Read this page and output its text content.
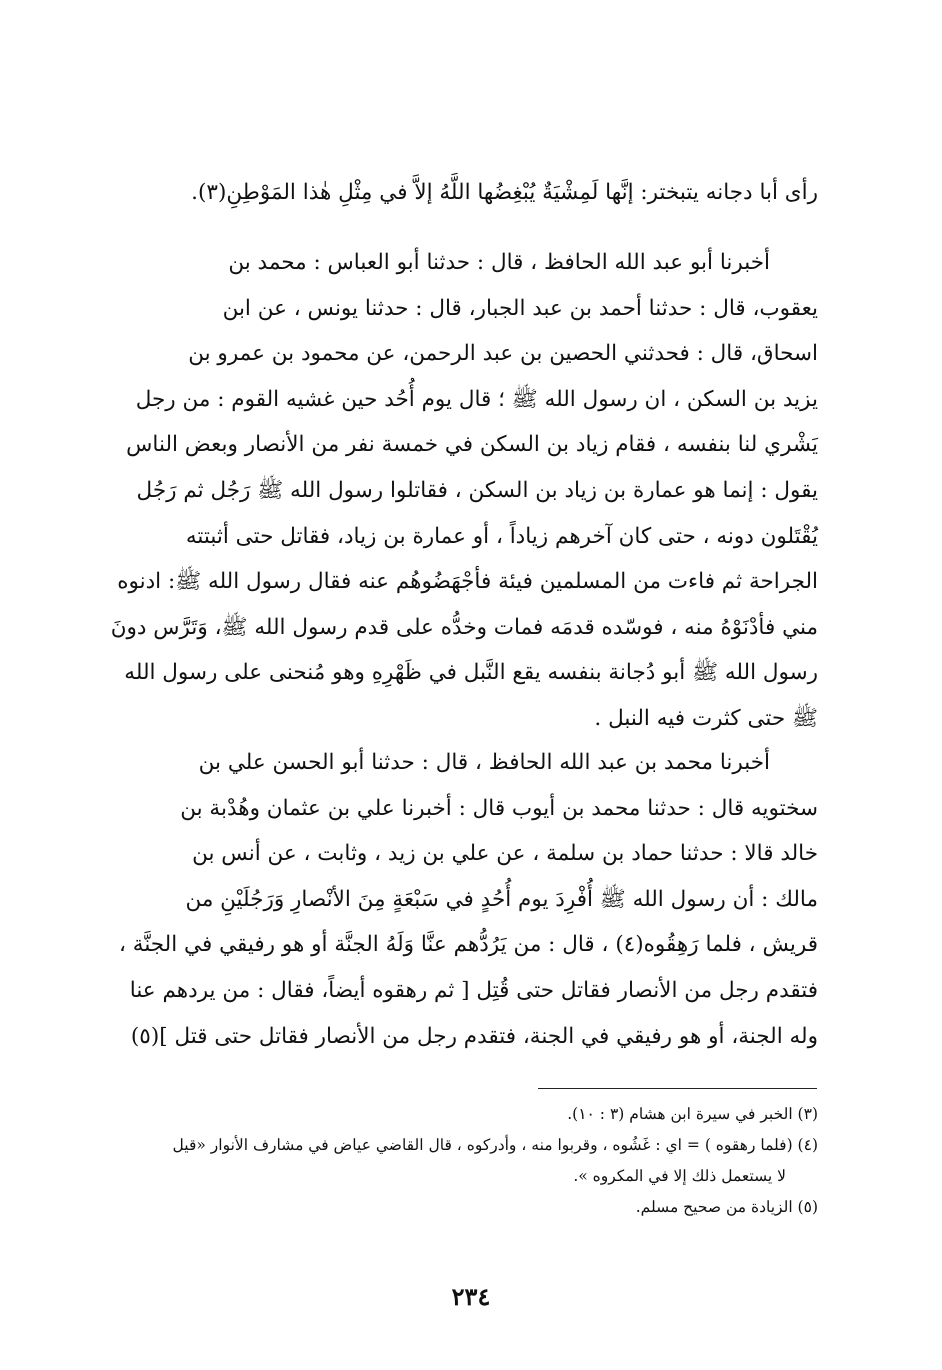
رأى أبا دجانه يتبختر: إنَّها لَمِشْيَةٌ يُبْغِضُها اللَّهُ إلاَّ في مِثْلِ هٰذا المَوْطِنِ(٣).

أخبرنا أبو عبد الله الحافظ ، قال : حدثنا أبو العباس : محمد بن
يعقوب، قال : حدثنا أحمد بن عبد الجبار، قال : حدثنا يونس ، عن ابن
اسحاق، قال : فحدثني الحصين بن عبد الرحمن، عن محمود بن عمرو بن
يزيد بن السكن ، ان رسول الله ﷺ ؛ قال يوم أُحُد حين غشيه القوم : من رجل
يَشْري لنا بنفسه ، فقام زياد بن السكن في خمسة نفر من الأنصار وبعض الناس
يقول : إنما هو عمارة بن زياد بن السكن ، فقاتلوا رسول الله ﷺ رَجُل ثم رَجُل
يُقْتَلون دونه ، حتى كان آخرهم زياداً ، أو عمارة بن زياد، فقاتل حتى أثبتته
الجراحة ثم فاءت من المسلمين فيئة فأجْهَضُوهُم عنه فقال رسول الله ﷺ: ادنوه
مني فأدْنَوْهُ منه ، فوسّده قدمَه فمات وخدُّه على قدم رسول الله ﷺ، وَتَرَّس دونَ
رسول الله ﷺ أبو دُجانة بنفسه يقع النَّبل في ظَهْرِهِ وهو مُنحنى على رسول الله
ﷺ حتى كثرت فيه النبل .
أخبرنا محمد بن عبد الله الحافظ ، قال : حدثنا أبو الحسن علي بن
سختويه قال : حدثنا محمد بن أيوب قال : أخبرنا علي بن عثمان وهُدْبة بن
خالد قالا : حدثنا حماد بن سلمة ، عن علي بن زيد ، وثابت ، عن أنس بن
مالك : أن رسول الله ﷺ أُفْرِدَ يوم أُحُدٍ في سَبْعَةٍ مِنَ الأنْصارِ وَرَجُلَيْنِ من
قريش ، فلما رَهِقُوه(٤) ، قال : من يَرُدُّهم عنَّا وَلَهُ الجنَّة أو هو رفيقي في الجنَّة ،
فتقدم رجل من الأنصار فقاتل حتى قُتِل [ ثم رهقوه أيضاً، فقال : من يردهم عنا
وله الجنة، أو هو رفيقي في الجنة، فتقدم رجل من الأنصار فقاتل حتى قتل ](٥)

(٣) الخبر في سيرة ابن هشام (٣ : ١٠).

(٤) (فلما رهقوه ) = اي : غَشُوه ، وقربوا منه ، وأدركوه ، قال القاضي عياض في مشارف الأنوار «قيل

لا يستعمل ذلك إلا في المكروه ».

(٥) الزيادة من صحيح مسلم.

٢٣٤
